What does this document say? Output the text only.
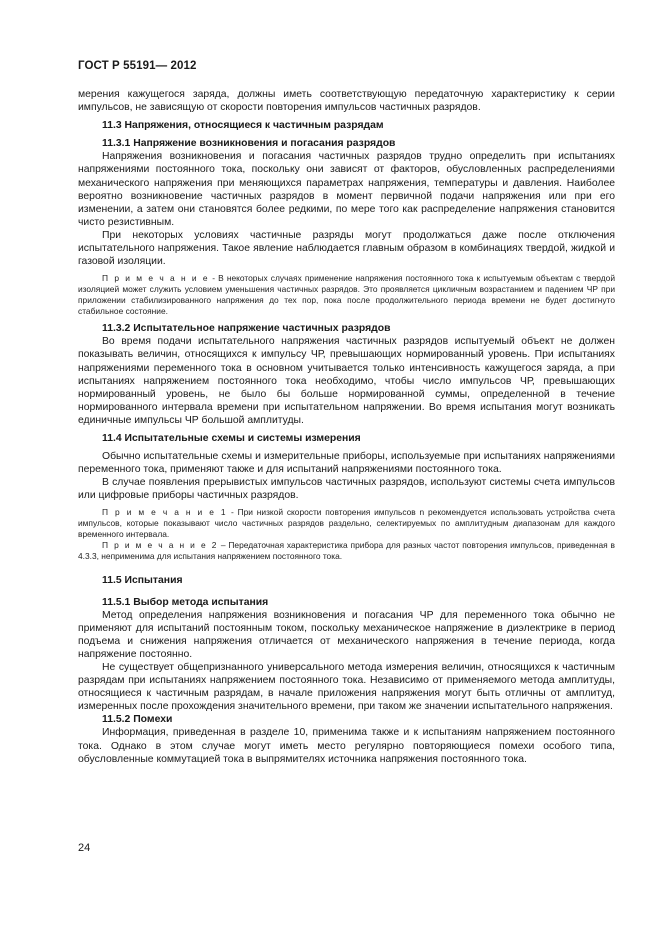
ГОСТ Р 55191— 2012

мерения кажущегося заряда, должны иметь соответствующую передаточную характеристику к серии импульсов, не зависящую от скорости повторения импульсов частичных разрядов.

11.3 Напряжения, относящиеся к частичным разрядам
11.3.1 Напряжение возникновения и погасания разрядов

Напряжения возникновения и погасания частичных разрядов трудно определить при испытаниях напряжениями постоянного тока, поскольку они зависят от факторов, обусловленных распределениями механического напряжения при меняющихся параметрах напряжения, температуры и давления. Наиболее вероятно возникновение частичных разрядов в момент первичной подачи напряжения или при его изменении, а затем они становятся более редкими, по мере того как распределение напряжения становится чисто резистивным.

При некоторых условиях частичные разряды могут продолжаться даже после отключения испытательного напряжения. Такое явление наблюдается главным образом в комбинациях твердой, жидкой и газовой изоляции.

П р и м е ч а н и е - В некоторых случаях применение напряжения постоянного тока к испытуемым объектам с твердой изоляцией может служить условием уменьшения частичных разрядов. Это проявляется цикличным возрастанием и падением ЧР при приложении стабилизированного напряжения до тех пор, пока после продолжительного периода времени не будет достигнуто стабильное состояние.

11.3.2 Испытательное напряжение частичных разрядов

Во время подачи испытательного напряжения частичных разрядов испытуемый объект не должен показывать величин, относящихся к импульсу ЧР, превышающих нормированный уровень. При испытаниях напряжениями переменного тока в основном учитывается только интенсивность кажущегося заряда, а при испытаниях напряжением постоянного тока необходимо, чтобы число импульсов ЧР, превышающих нормированный уровень, не было бы больше нормированной суммы, определенной в течение нормированного интервала времени при испытательном напряжении. Во время испытания могут возникать единичные импульсы ЧР большой амплитуды.

11.4 Испытательные схемы и системы измерения

Обычно испытательные схемы и измерительные приборы, используемые при испытаниях напряжениями переменного тока, применяют также и для испытаний напряжениями постоянного тока.

В случае появления прерывистых импульсов частичных разрядов, используют системы счета импульсов или цифровые приборы частичных разрядов.

П р и м е ч а н и е 1 - При низкой скорости повторения импульсов n рекомендуется использовать устройства счета импульсов, которые показывают число частичных разрядов раздельно, селектируемых по амплитудным диапазонам для каждого временного интервала.

П р и м е ч а н и е 2 – Передаточная характеристика прибора для разных частот повторения импульсов, приведенная в 4.3.3, неприменима для испытания напряжением постоянного тока.

11.5 Испытания
11.5.1 Выбор метода испытания

Метод определения напряжения возникновения и погасания ЧР для переменного тока обычно не применяют для испытаний постоянным током, поскольку механическое напряжение в диэлектрике в период подъема и снижения напряжения отличается от механического напряжения в течение периода, когда напряжение постоянно.

Не существует общепризнанного универсального метода измерения величин, относящихся к частичным разрядам при испытаниях напряжением постоянного тока. Независимо от применяемого метода амплитуды, относящиеся к частичным разрядам, в начале приложения напряжения могут быть отличны от амплитуд, измеренных после прохождения значительного времени, при таком же значении испытательного напряжения.

11.5.2 Помехи

Информация, приведенная в разделе 10, применима также и к испытаниям напряжением постоянного тока. Однако в этом случае могут иметь место регулярно повторяющиеся помехи особого типа, обусловленные коммутацией тока в выпрямителях источника напряжения постоянного тока.

24
